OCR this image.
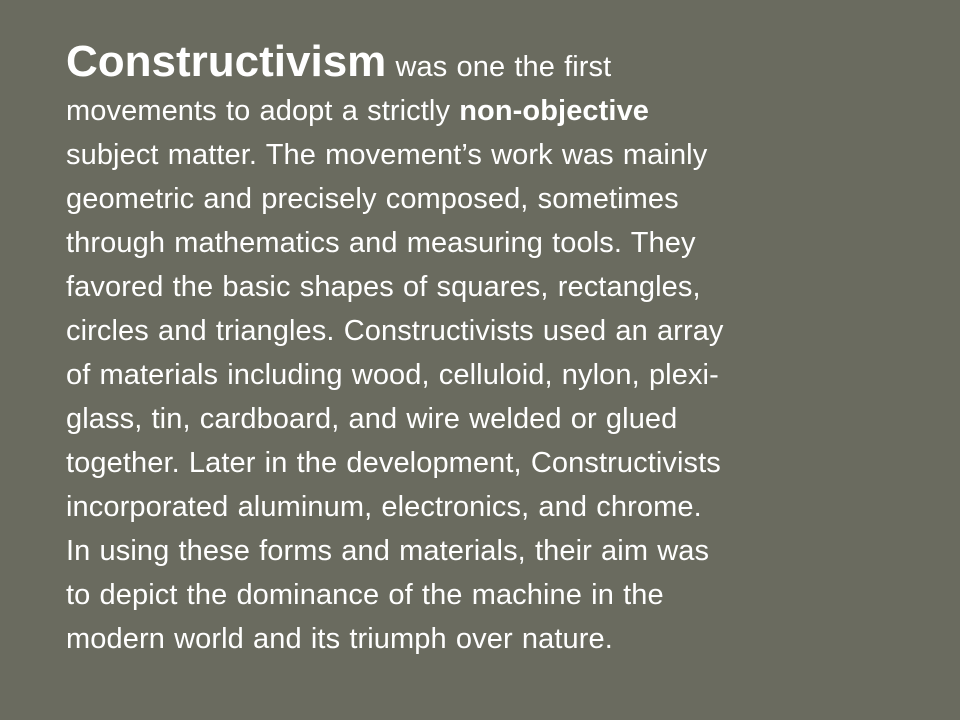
Constructivism was one the first
movements to adopt a strictly non-objective
subject matter. The movement’s work was mainly
geometric and precisely composed, sometimes
through mathematics and measuring tools. They
favored the basic shapes of squares, rectangles,
circles and triangles. Constructivists used an array
of materials including wood, celluloid, nylon, plexi-
glass, tin, cardboard, and wire welded or glued
together. Later in the development, Constructivists
incorporated aluminum, electronics, and chrome.
In using these forms and materials, their aim was
to depict the dominance of the machine in the
modern world and its triumph over nature.
